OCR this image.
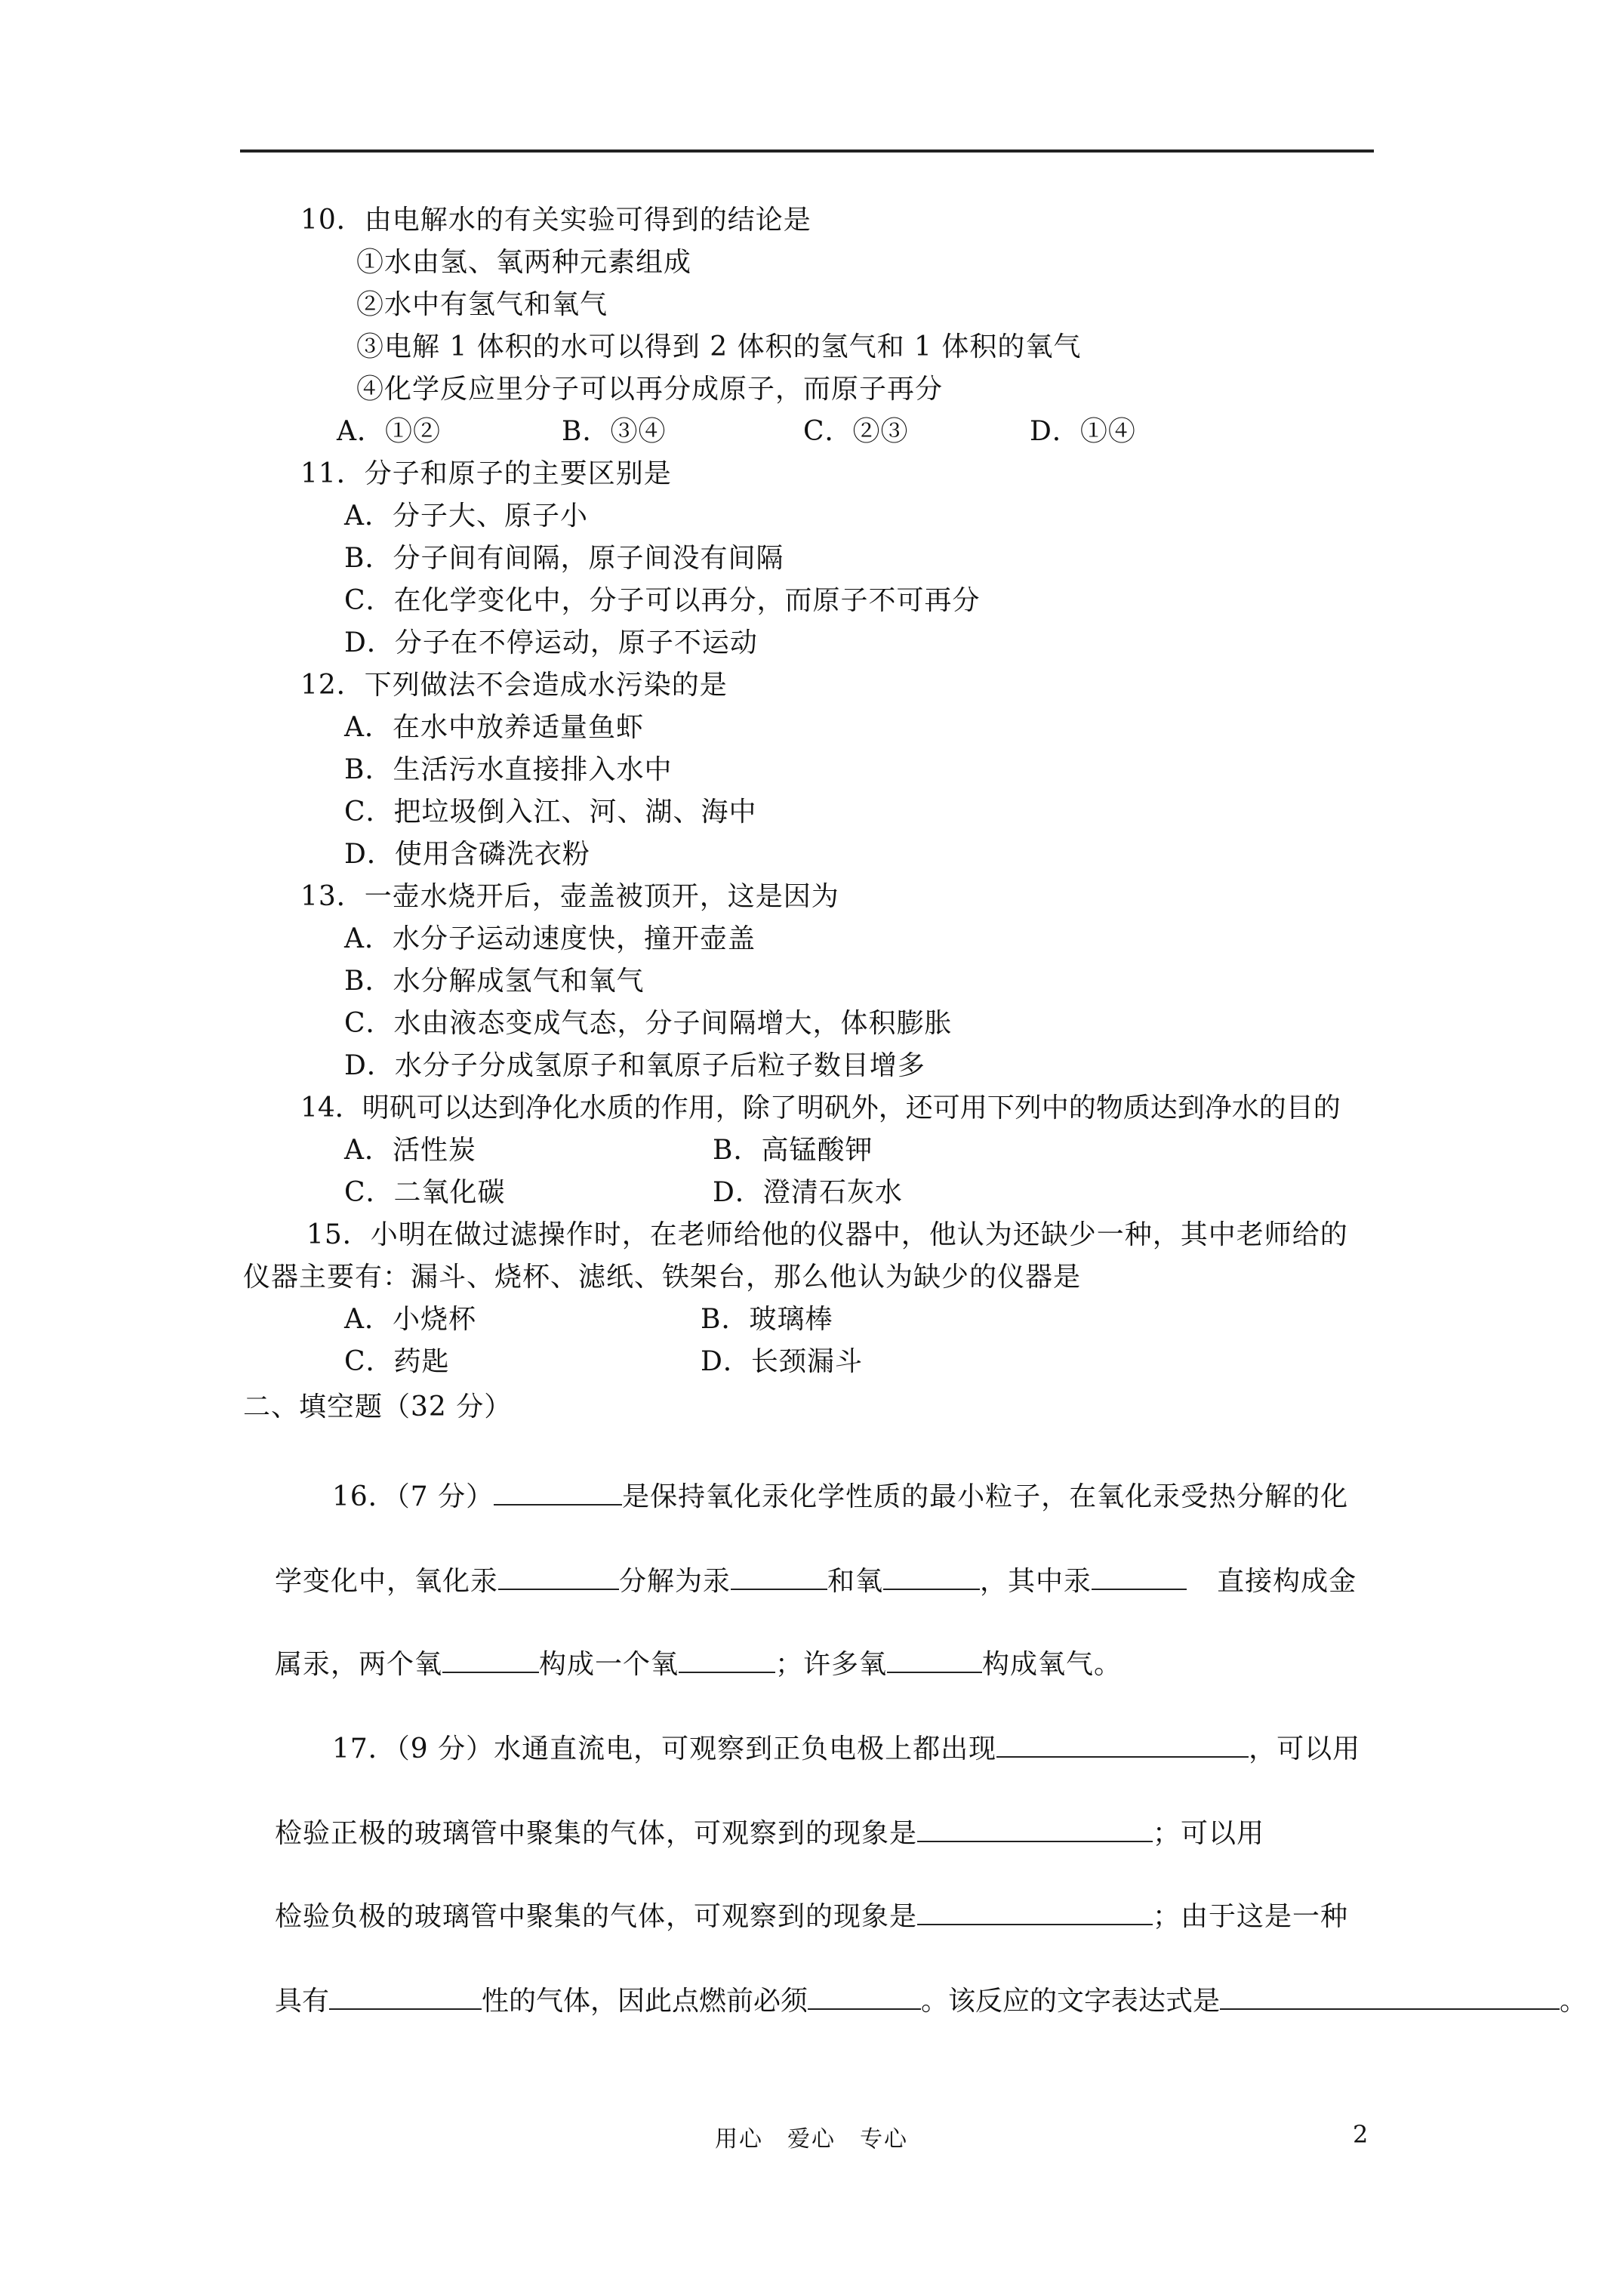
10．由电解水的有关实验可得到的结论是
①水由氢、氧两种元素组成
②水中有氢气和氧气
③电解 1 体积的水可以得到 2 体积的氢气和 1 体积的氧气
④化学反应里分子可以再分成原子，而原子再分
A．①②	B．③④	C．②③	D．①④
11．分子和原子的主要区别是
A．分子大、原子小
B．分子间有间隔，原子间没有间隔
C．在化学变化中，分子可以再分，而原子不可再分
D．分子在不停运动，原子不运动
12．下列做法不会造成水污染的是
A．在水中放养适量鱼虾
B．生活污水直接排入水中
C．把垃圾倒入江、河、湖、海中
D．使用含磷洗衣粉
13．一壶水烧开后，壶盖被顶开，这是因为
A．水分子运动速度快，撞开壶盖
B．水分解成氢气和氧气
C．水由液态变成气态，分子间隔增大，体积膨胀
D．水分子分成氢原子和氧原子后粒子数目增多
14．明矾可以达到净化水质的作用，除了明矾外，还可用下列中的物质达到净水的目的
A．活性炭	B．高锰酸钾
C．二氧化碳	D．澄清石灰水
15．小明在做过滤操作时，在老师给他的仪器中，他认为还缺少一种，其中老师给的
仪器主要有：漏斗、烧杯、滤纸、铁架台，那么他认为缺少的仪器是
A．小烧杯	B．玻璃棒
C．药匙	D．长颈漏斗
二、填空题（32 分）
16．（7 分）	是保持氧化汞化学性质的最小粒子，在氧化汞受热分解的化
学变化中，氧化汞	分解为汞	和氧	，其中汞	直接构成金
属汞，两个氧	构成一个氧	；许多氧	构成氧气。
17．（9 分）水通直流电，可观察到正负电极上都出现	，可以用
检验正极的玻璃管中聚集的气体，可观察到的现象是	；可以用
检验负极的玻璃管中聚集的气体，可观察到的现象是	；由于这是一种
具有	性的气体，因此点燃前必须	。该反应的文字表达式是	。
用心　爱心　专心	2
